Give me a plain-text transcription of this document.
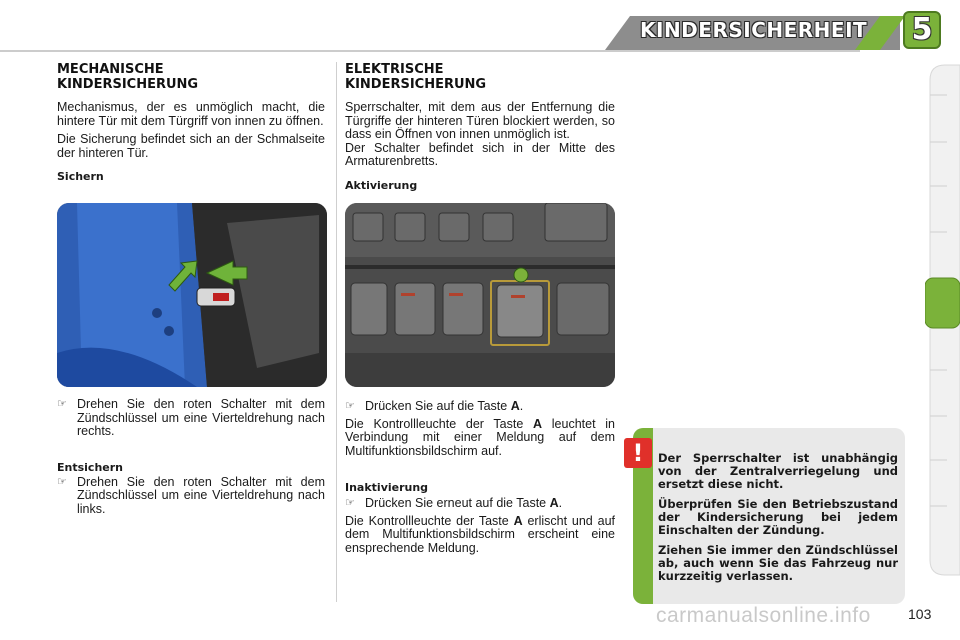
KINDERSICHERHEIT	5
MECHANISCHE
KINDERSICHERUNG

Mechanismus, der es unmöglich macht, die hintere Tür mit dem Türgriff von innen zu öffnen.

Die Sicherung befindet sich an der Schmalseite der hinteren Tür.

Sichern
☞ Drehen Sie den roten Schalter mit dem Zündschlüssel um eine Vierteldrehung nach rechts.
Entsichern
☞ Drehen Sie den roten Schalter mit dem Zündschlüssel um eine Vierteldrehung nach links.
ELEKTRISCHE
KINDERSICHERUNG

Sperrschalter, mit dem aus der Entfernung die Türgriffe der hinteren Türen blockiert werden, so dass ein Öffnen von innen unmöglich ist.

Der Schalter befindet sich in der Mitte des Armaturenbretts.

Aktivierung
☞ Drücken Sie auf die Taste A.

Die Kontrollleuchte der Taste A leuchtet in Verbindung mit einer Meldung auf dem Multifunktionsbildschirm auf.

Inaktivierung
☞ Drücken Sie erneut auf die Taste A.

Die Kontrollleuchte der Taste A erlischt und auf dem Multifunktionsbildschirm erscheint eine ensprechende Meldung.

!	Der Sperrschalter ist unabhängig von der Zentralverriegelung und ersetzt diese nicht.

Überprüfen Sie den Betriebszustand der Kindersicherung bei jedem Einschalten der Zündung.

Ziehen Sie immer den Zündschlüssel ab, auch wenn Sie das Fahrzeug nur kurzzeitig verlassen.

carmanualsonline.info	103
